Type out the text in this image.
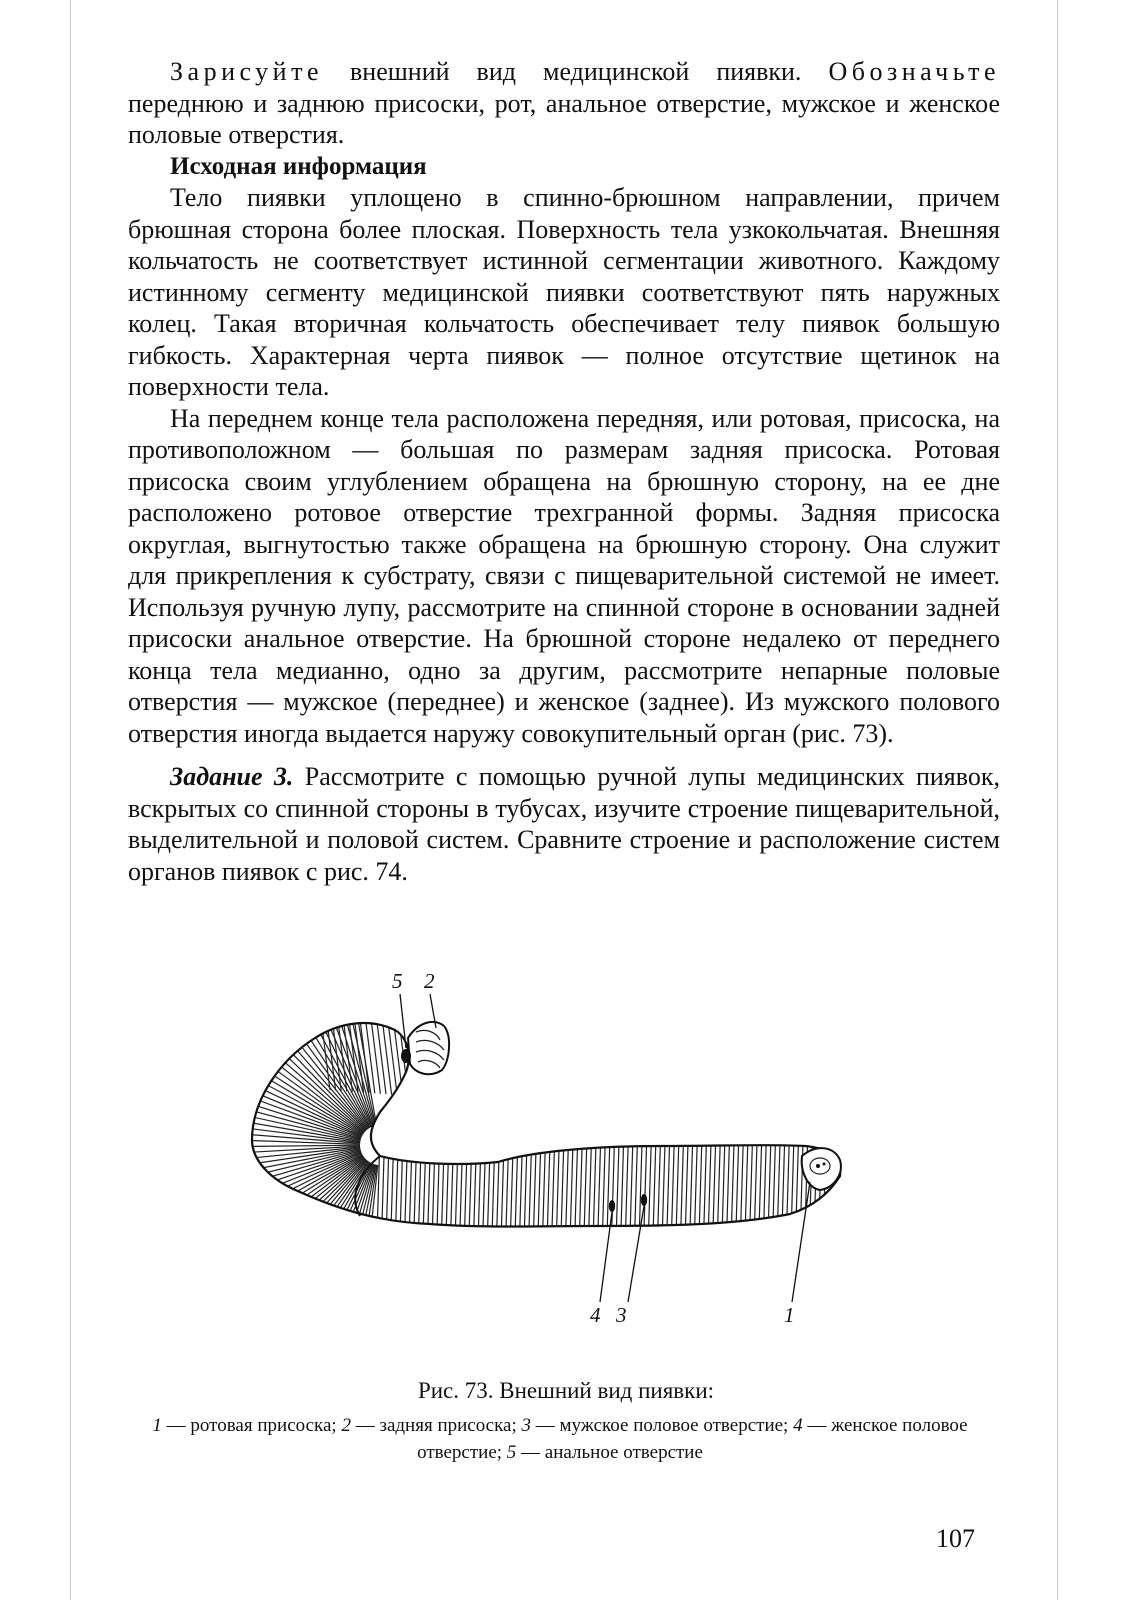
Зарисуйте внешний вид медицинской пиявки. Обозначьте переднюю и заднюю присоски, рот, анальное отверстие, мужское и женское половые отверстия.

Исходная информация

Тело пиявки уплощено в спинно-брюшном направлении, причем брюшная сторона более плоская. Поверхность тела узкокольчатая. Внешняя кольчатость не соответствует истинной сегментации животного. Каждому истинному сегменту медицинской пиявки соответствуют пять наружных колец. Такая вторичная кольчатость обеспечивает телу пиявок большую гибкость. Характерная черта пиявок — полное отсутствие щетинок на поверхности тела.

На переднем конце тела расположена передняя, или ротовая, присоска, на противоположном — большая по размерам задняя присоска. Ротовая присоска своим углублением обращена на брюшную сторону, на ее дне расположено ротовое отверстие трехгранной формы. Задняя присоска округлая, выгнутостью также обращена на брюшную сторону. Она служит для прикрепления к субстрату, связи с пищеварительной системой не имеет. Используя ручную лупу, рассмотрите на спинной стороне в основании задней присоски анальное отверстие. На брюшной стороне недалеко от переднего конца тела медианно, одно за другим, рассмотрите непарные половые отверстия — мужское (переднее) и женское (заднее). Из мужского полового отверстия иногда выдается наружу совокупительный орган (рис. 73).

Задание 3. Рассмотрите с помощью ручной лупы медицинских пиявок, вскрытых со спинной стороны в тубусах, изучите строение пищеварительной, выделительной и половой систем. Сравните строение и расположение систем органов пиявок с рис. 74.

5 2
4 3	1
Рис. 73. Внешний вид пиявки:
1 — ротовая присоска; 2 — задняя присоска; 3 — мужское половое отверстие; 4 — женское половое отверстие; 5 — анальное отверстие
107
